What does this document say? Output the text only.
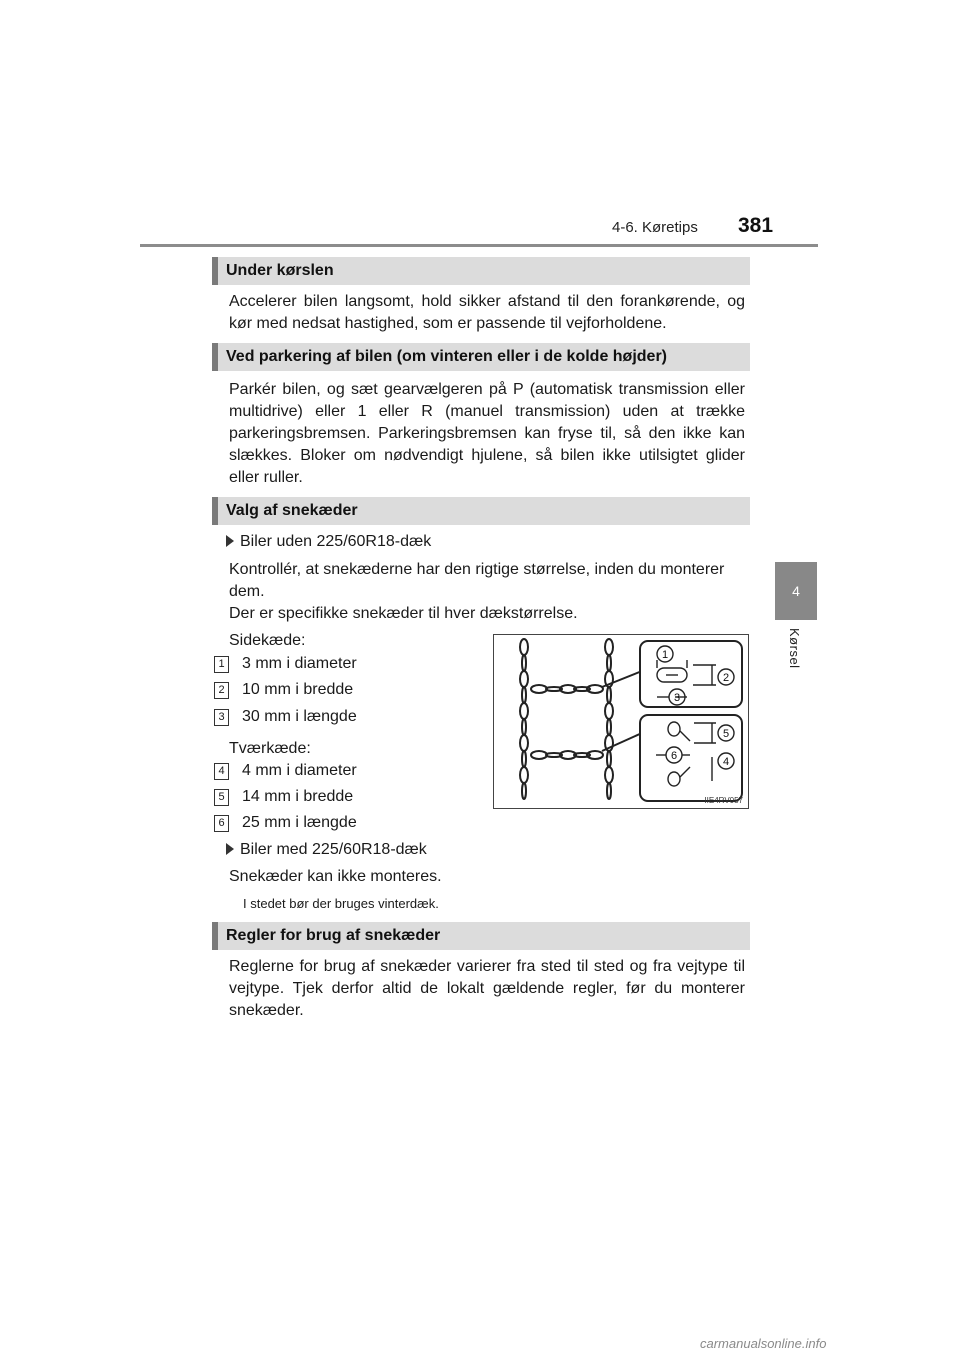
4-6. Køretips 381
4
Kørsel
Under kørslen
Accelerer bilen langsomt, hold sikker afstand til den forankørende, og kør med nedsat hastighed, som er passende til vejforholdene.
Ved parkering af bilen (om vinteren eller i de kolde højder)
Parkér bilen, og sæt gearvælgeren på P (automatisk transmission eller multidrive) eller 1 eller R (manuel transmission) uden at trække parkeringsbremsen. Parkeringsbremsen kan fryse til, så den ikke kan slækkes. Bloker om nødvendigt hjulene, så bilen ikke utilsigtet glider eller ruller.
Valg af snekæder
Biler uden 225/60R18-dæk
Kontrollér, at snekæderne har den rigtige størrelse, inden du monterer
dem.
Der er specifikke snekæder til hver dækstørrelse.
Sidekæde:
1 3 mm i diameter
2 10 mm i bredde
3 30 mm i længde
Tværkæde:
4 4 mm i diameter
5 14 mm i bredde
6 25 mm i længde
Biler med 225/60R18-dæk
Snekæder kan ikke monteres.
I stedet bør der bruges vinterdæk.
1
2
3
4
5
6
IIE4RV057
Regler for brug af snekæder
Reglerne for brug af snekæder varierer fra sted til sted og fra vejtype til vejtype. Tjek derfor altid de lokalt gældende regler, før du monterer snekæder.
carmanualsonline.info
